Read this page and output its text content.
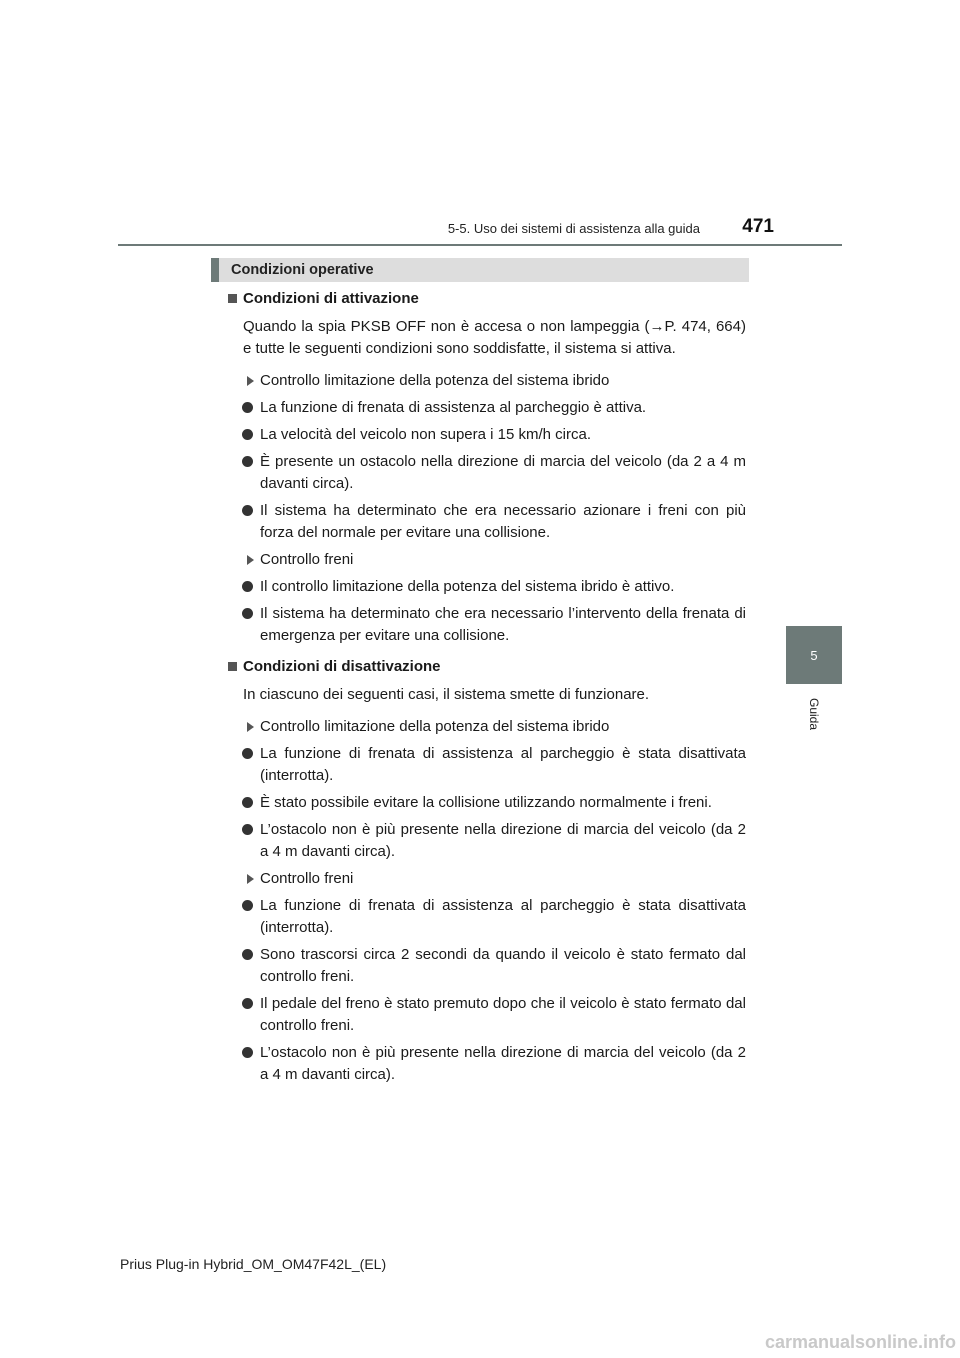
5-5. Uso dei sistemi di assistenza alla guida	471
5
Guida
Condizioni operative
Condizioni di attivazione
Quando la spia PKSB OFF non è accesa o non lampeggia (→P. 474, 664) e tutte le seguenti condizioni sono soddisfatte, il sistema si attiva.
Controllo limitazione della potenza del sistema ibrido
La funzione di frenata di assistenza al parcheggio è attiva.
La velocità del veicolo non supera i 15 km/h circa.
È presente un ostacolo nella direzione di marcia del veicolo (da 2 a 4 m davanti circa).
Il sistema ha determinato che era necessario azionare i freni con più forza del normale per evitare una collisione.
Controllo freni
Il controllo limitazione della potenza del sistema ibrido è attivo.
Il sistema ha determinato che era necessario l’intervento della frenata di emergenza per evitare una collisione.
Condizioni di disattivazione
In ciascuno dei seguenti casi, il sistema smette di funzionare.
Controllo limitazione della potenza del sistema ibrido
La funzione di frenata di assistenza al parcheggio è stata disattivata (interrotta).
È stato possibile evitare la collisione utilizzando normalmente i freni.
L’ostacolo non è più presente nella direzione di marcia del veicolo (da 2 a 4 m davanti circa).
Controllo freni
La funzione di frenata di assistenza al parcheggio è stata disattivata (interrotta).
Sono trascorsi circa 2 secondi da quando il veicolo è stato fermato dal controllo freni.
Il pedale del freno è stato premuto dopo che il veicolo è stato fermato dal controllo freni.
L’ostacolo non è più presente nella direzione di marcia del veicolo (da 2 a 4 m davanti circa).
Prius Plug-in Hybrid_OM_OM47F42L_(EL)
carmanualsonline.info
